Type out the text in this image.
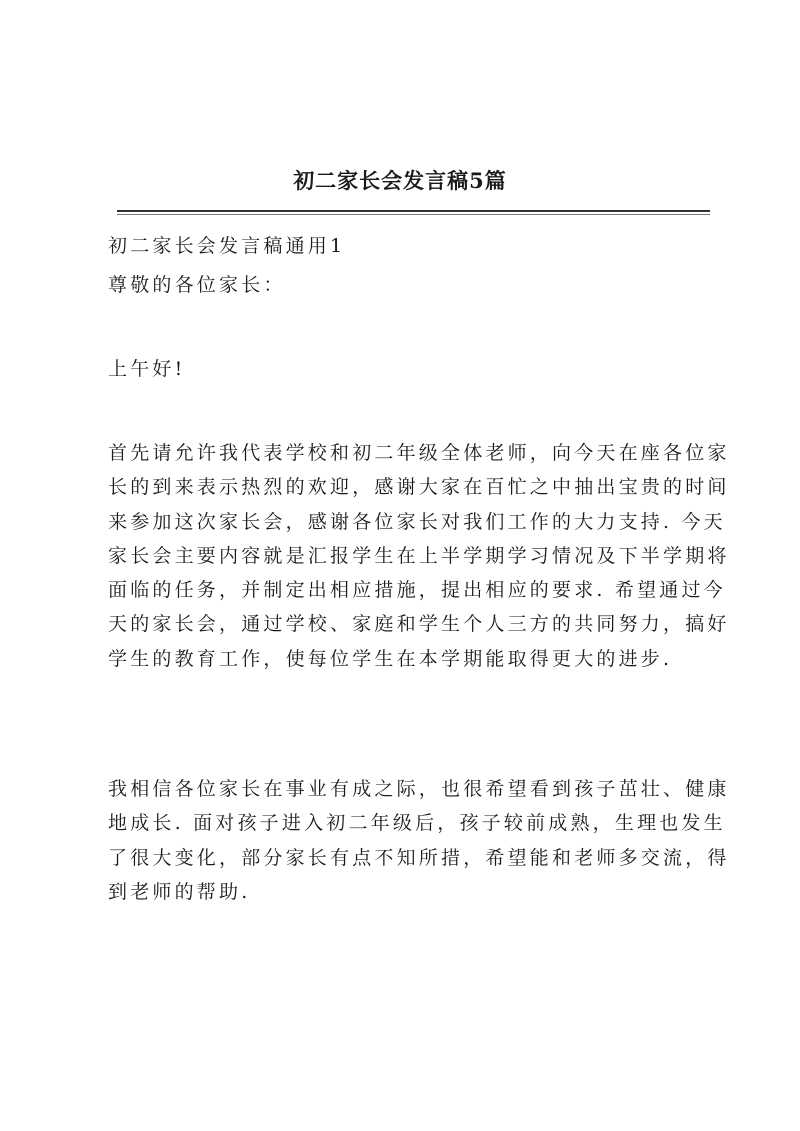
初二家长会发言稿5篇
初二家长会发言稿通用1
尊敬的各位家长：
上午好!
首先请允许我代表学校和初二年级全体老师，向今天在座各位家
长的到来表示热烈的欢迎，感谢大家在百忙之中抽出宝贵的时间
来参加这次家长会，感谢各位家长对我们工作的大力支持. 今天
家长会主要内容就是汇报学生在上半学期学习情况及下半学期将
面临的任务，并制定出相应措施，提出相应的要求. 希望通过今
天的家长会，通过学校、家庭和学生个人三方的共同努力，搞好
学生的教育工作，使每位学生在本学期能取得更大的进步.
我相信各位家长在事业有成之际，也很希望看到孩子茁壮、健康
地成长. 面对孩子进入初二年级后，孩子较前成熟，生理也发生
了很大变化，部分家长有点不知所措，希望能和老师多交流，得
到老师的帮助.
